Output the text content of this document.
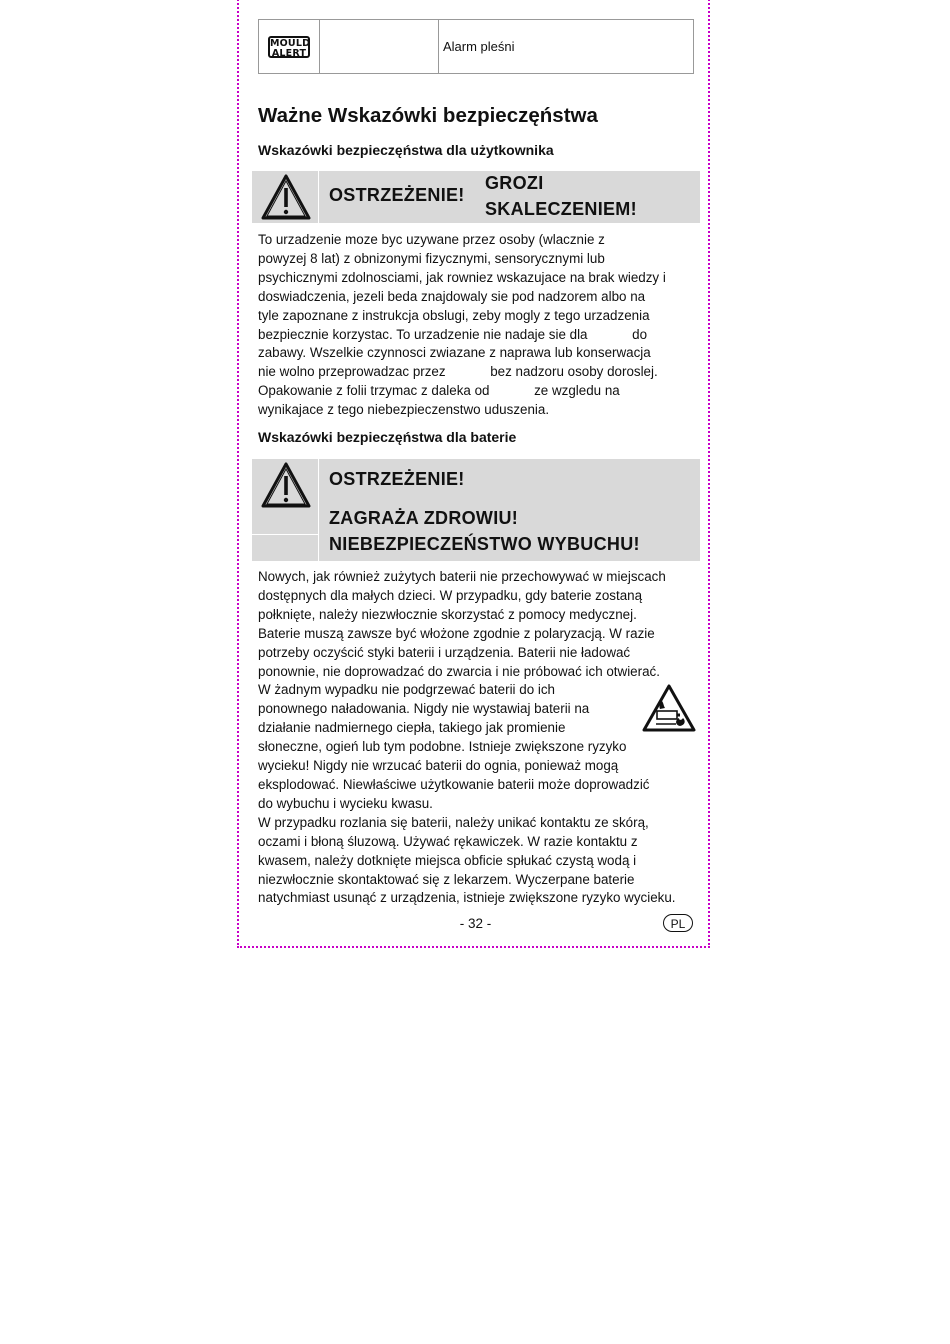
MOULD
ALERT	Alarm pleśni
Ważne Wskazówki bezpieczęństwa
Wskazówki bezpieczęństwa dla użytkownika
OSTRZEŻENIE!
GROZI
SKALECZENIEM!

To urzadzenie moze byc uzywane przez osoby (wlacznie z
powyzej 8 lat) z obnizonymi fizycznymi, sensorycznymi lub
psychicznymi zdolnosciami, jak rowniez wskazujace na brak wiedzy i
doswiadczenia, jezeli beda znajdowaly sie pod nadzorem albo na
tyle zapoznane z instrukcja obslugi, zeby mogly z tego urzadzenia
bezpiecznie korzystac. To urzadzenie nie nadaje sie dla            do
zabawy. Wszelkie czynnosci zwiazane z naprawa lub konserwacja
nie wolno przeprowadzac przez            bez nadzoru osoby doroslej.
Opakowanie z folii trzymac z daleka od            ze wzgledu na
wynikajace z tego niebezpieczenstwo uduszenia.

Wskazówki bezpieczęństwa dla baterie
OSTRZEŻENIE!
ZAGRAŻA ZDROWIU!
NIEBEZPIECZEŃSTWO WYBUCHU!

Nowych, jak również zużytych baterii nie przechowywać w miejscach
dostępnych dla małych dzieci. W przypadku, gdy baterie zostaną
połknięte, należy niezwłocznie skorzystać z pomocy medycznej.
Baterie muszą zawsze być włożone zgodnie z polaryzacją. W razie
potrzeby oczyścić styki baterii i urządzenia. Baterii nie ładować
ponownie, nie doprowadzać do zwarcia i nie próbować ich otwierać.
W żadnym wypadku nie podgrzewać baterii do ich
ponownego naładowania. Nigdy nie wystawiaj baterii na
działanie nadmiernego ciepła, takiego jak promienie
słoneczne, ogień lub tym podobne. Istnieje zwiększone ryzyko
wycieku! Nigdy nie wrzucać baterii do ognia, ponieważ mogą
eksplodować. Niewłaściwe użytkowanie baterii może doprowadzić
do wybuchu i wycieku kwasu.
W przypadku rozlania się baterii, należy unikać kontaktu ze skórą,
oczami i błoną śluzową. Używać rękawiczek. W razie kontaktu z
kwasem, należy dotknięte miejsca obficie spłukać czystą wodą i
niezwłocznie skontaktować się z lekarzem. Wyczerpane baterie
natychmiast usunąć z urządzenia, istnieje zwiększone ryzyko wycieku.

- 32 -	PL
